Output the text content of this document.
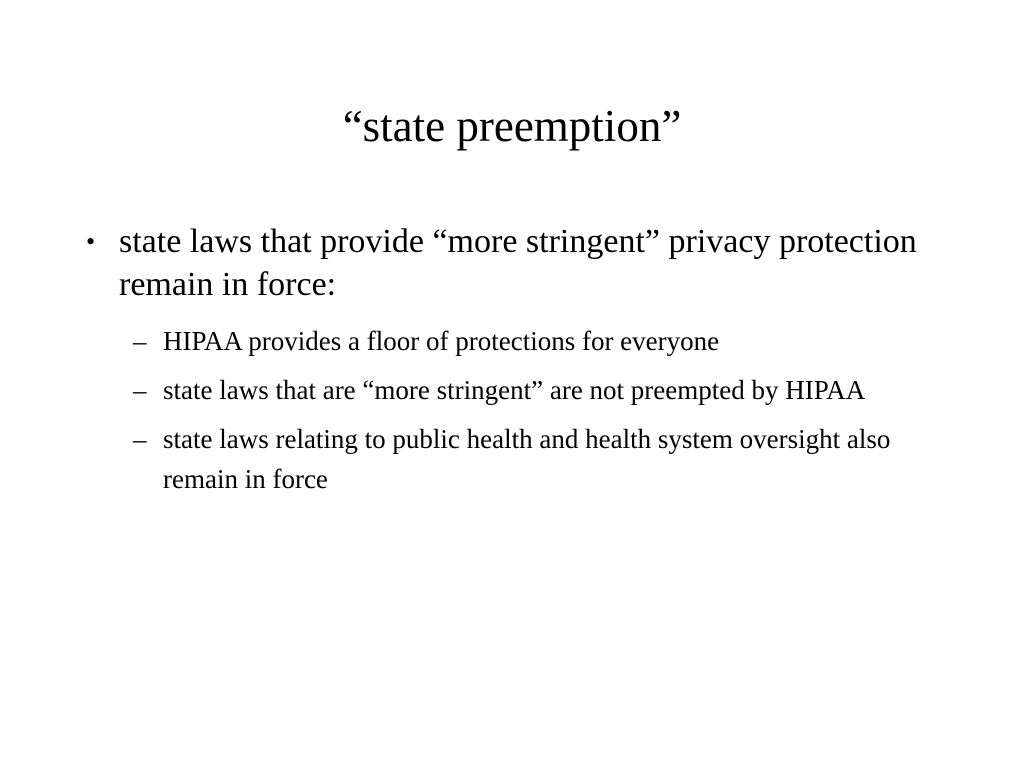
“state preemption”
• state laws that provide “more stringent” privacy protection remain in force:
– HIPAA provides a floor of protections for everyone
– state laws that are “more stringent” are not preempted by HIPAA
– state laws relating to public health and health system oversight also remain in force
